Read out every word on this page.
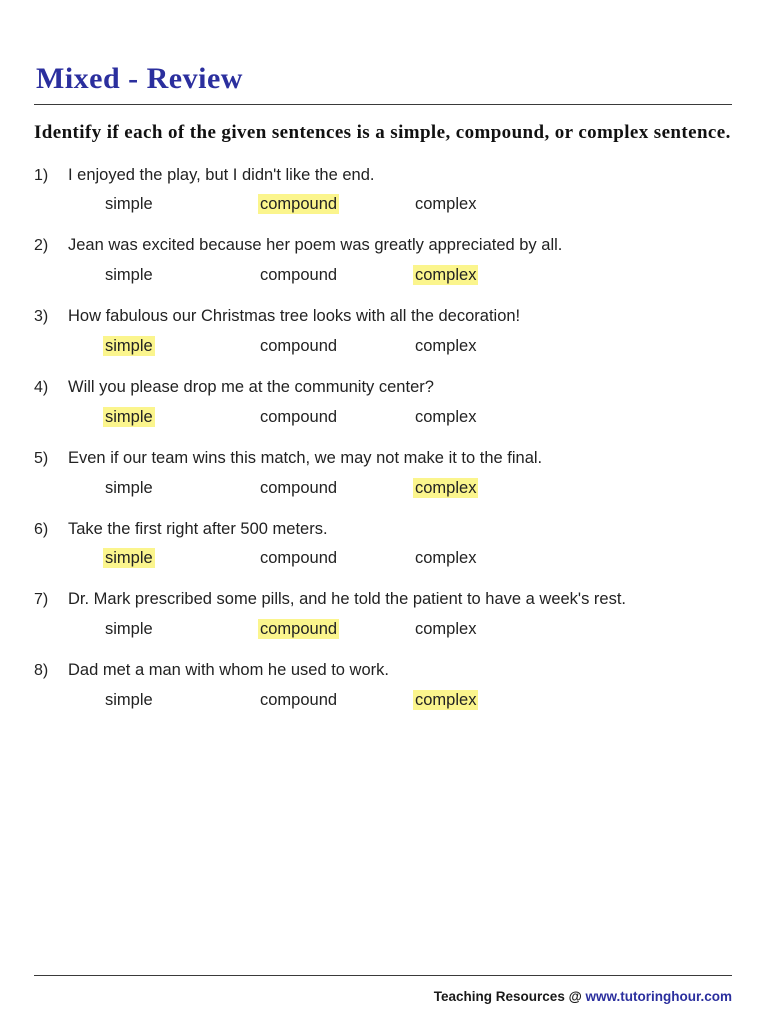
Mixed - Review

Identify if each of the given sentences is a simple, compound, or complex sentence.

1)	I enjoyed the play, but I didn't like the end.
simple	compound	complex
2)	Jean was excited because her poem was greatly appreciated by all.
simple	compound	complex
3)	How fabulous our Christmas tree looks with all the decoration!
simple	compound	complex
4)	Will you please drop me at the community center?
simple	compound	complex
5)	Even if our team wins this match, we may not make it to the final.
simple	compound	complex
6)	Take the first right after 500 meters.
simple	compound	complex
7)	Dr. Mark prescribed some pills, and he told the patient to have a week's rest.
simple	compound	complex
8)	Dad met a man with whom he used to work.
simple	compound	complex
Teaching Resources @ www.tutoringhour.com
